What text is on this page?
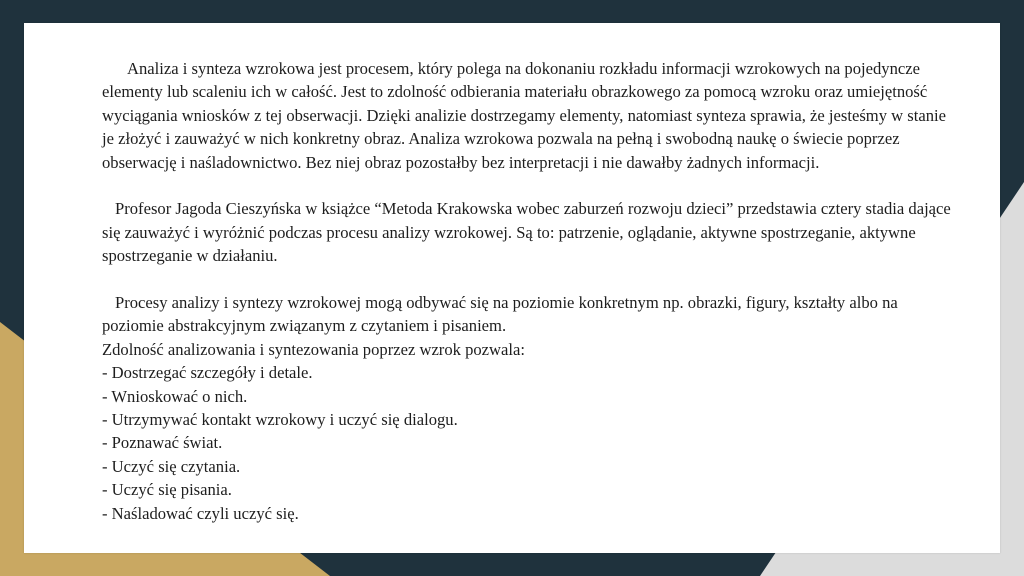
Analiza i synteza wzrokowa jest procesem, który polega na dokonaniu rozkładu informacji wzrokowych na pojedyncze elementy lub scaleniu ich w całość. Jest to zdolność odbierania materiału obrazkowego za pomocą wzroku oraz umiejętność wyciągania wniosków z tej obserwacji. Dzięki analizie dostrzegamy elementy, natomiast synteza sprawia, że jesteśmy w stanie je złożyć i zauważyć w nich konkretny obraz. Analiza wzrokowa pozwala na pełną i swobodną naukę o świecie poprzez obserwację i naśladownictwo. Bez niej obraz pozostałby bez interpretacji i nie dawałby żadnych informacji.

Profesor Jagoda Cieszyńska w książce “Metoda Krakowska wobec zaburzeń rozwoju dzieci” przedstawia cztery stadia dające się zauważyć i wyróżnić podczas procesu analizy wzrokowej. Są to: patrzenie, oglądanie, aktywne spostrzeganie, aktywne spostrzeganie w działaniu.

Procesy analizy i syntezy wzrokowej mogą odbywać się na poziomie konkretnym np. obrazki, figury, kształty albo na poziomie abstrakcyjnym związanym z czytaniem i pisaniem.

Zdolność analizowania i syntezowania poprzez wzrok pozwala:

- Dostrzegać szczegóły i detale.
- Wnioskować o nich.
- Utrzymywać kontakt wzrokowy i uczyć się dialogu.
- Poznawać świat.
- Uczyć się czytania.
- Uczyć się pisania.
- Naśladować czyli uczyć się.
